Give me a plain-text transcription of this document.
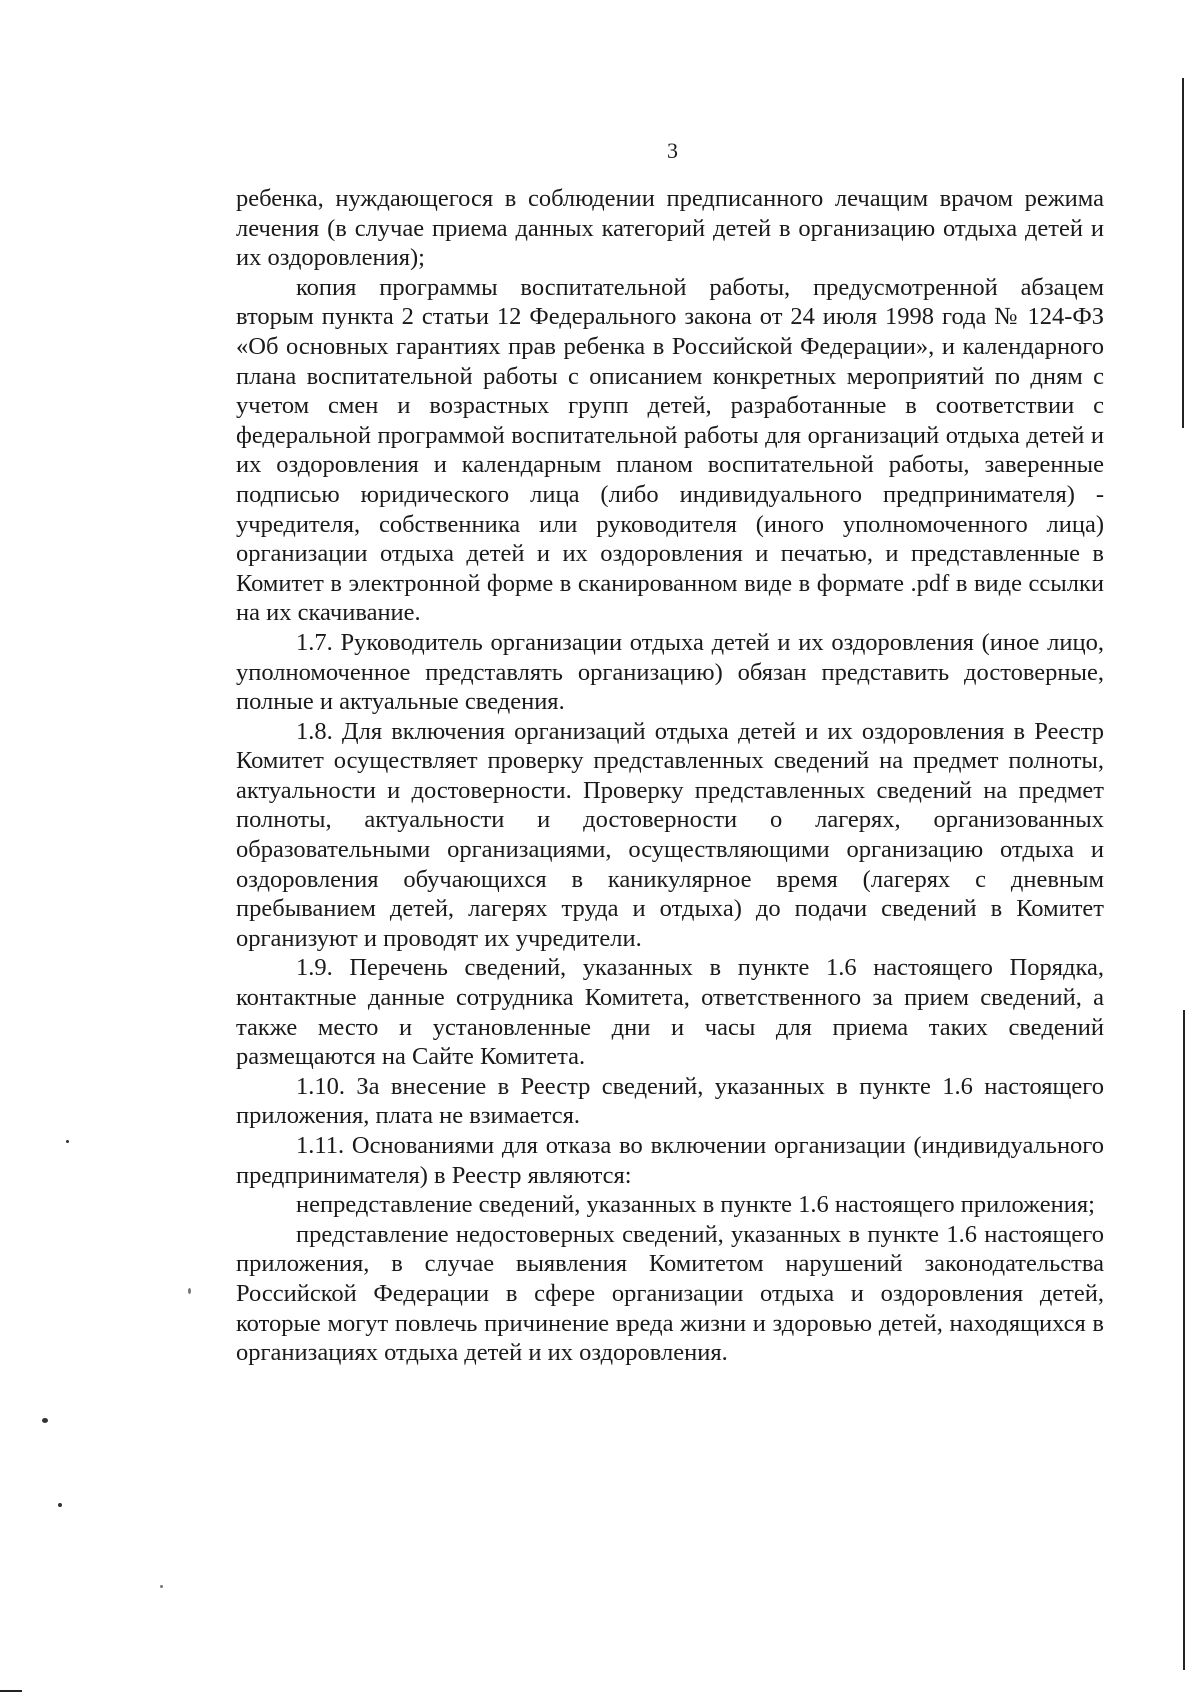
3

ребенка, нуждающегося в соблюдении предписанного лечащим врачом режима лечения (в случае приема данных категорий детей в организацию отдыха детей и их оздоровления);

копия программы воспитательной работы, предусмотренной абзацем вторым пункта 2 статьи 12 Федерального закона от 24 июля 1998 года № 124-ФЗ «Об основных гарантиях прав ребенка в Российской Федерации», и календарного плана воспитательной работы с описанием конкретных мероприятий по дням с учетом смен и возрастных групп детей, разработанные в соответствии с федеральной программой воспитательной работы для организаций отдыха детей и их оздоровления и календарным планом воспитательной работы, заверенные подписью юридического лица (либо индивидуального предпринимателя) - учредителя, собственника или руководителя (иного уполномоченного лица) организации отдыха детей и их оздоровления и печатью, и представленные в Комитет в электронной форме в сканированном виде в формате .pdf в виде ссылки на их скачивание.

1.7. Руководитель организации отдыха детей и их оздоровления (иное лицо, уполномоченное представлять организацию) обязан представить достоверные, полные и актуальные сведения.

1.8. Для включения организаций отдыха детей и их оздоровления в Реестр Комитет осуществляет проверку представленных сведений на предмет полноты, актуальности и достоверности. Проверку представленных сведений на предмет полноты, актуальности и достоверности о лагерях, организованных образовательными организациями, осуществляющими организацию отдыха и оздоровления обучающихся в каникулярное время (лагерях с дневным пребыванием детей, лагерях труда и отдыха) до подачи сведений в Комитет организуют и проводят их учредители.

1.9. Перечень сведений, указанных в пункте 1.6 настоящего Порядка, контактные данные сотрудника Комитета, ответственного за прием сведений, а также место и установленные дни и часы для приема таких сведений размещаются на Сайте Комитета.

1.10. За внесение в Реестр сведений, указанных в пункте 1.6 настоящего приложения, плата не взимается.

1.11. Основаниями для отказа во включении организации (индивидуального предпринимателя) в Реестр являются:

непредставление сведений, указанных в пункте 1.6 настоящего приложения;

представление недостоверных сведений, указанных в пункте 1.6 настоящего приложения, в случае выявления Комитетом нарушений законодательства Российской Федерации в сфере организации отдыха и оздоровления детей, которые могут повлечь причинение вреда жизни и здоровью детей, находящихся в организациях отдыха детей и их оздоровления.
